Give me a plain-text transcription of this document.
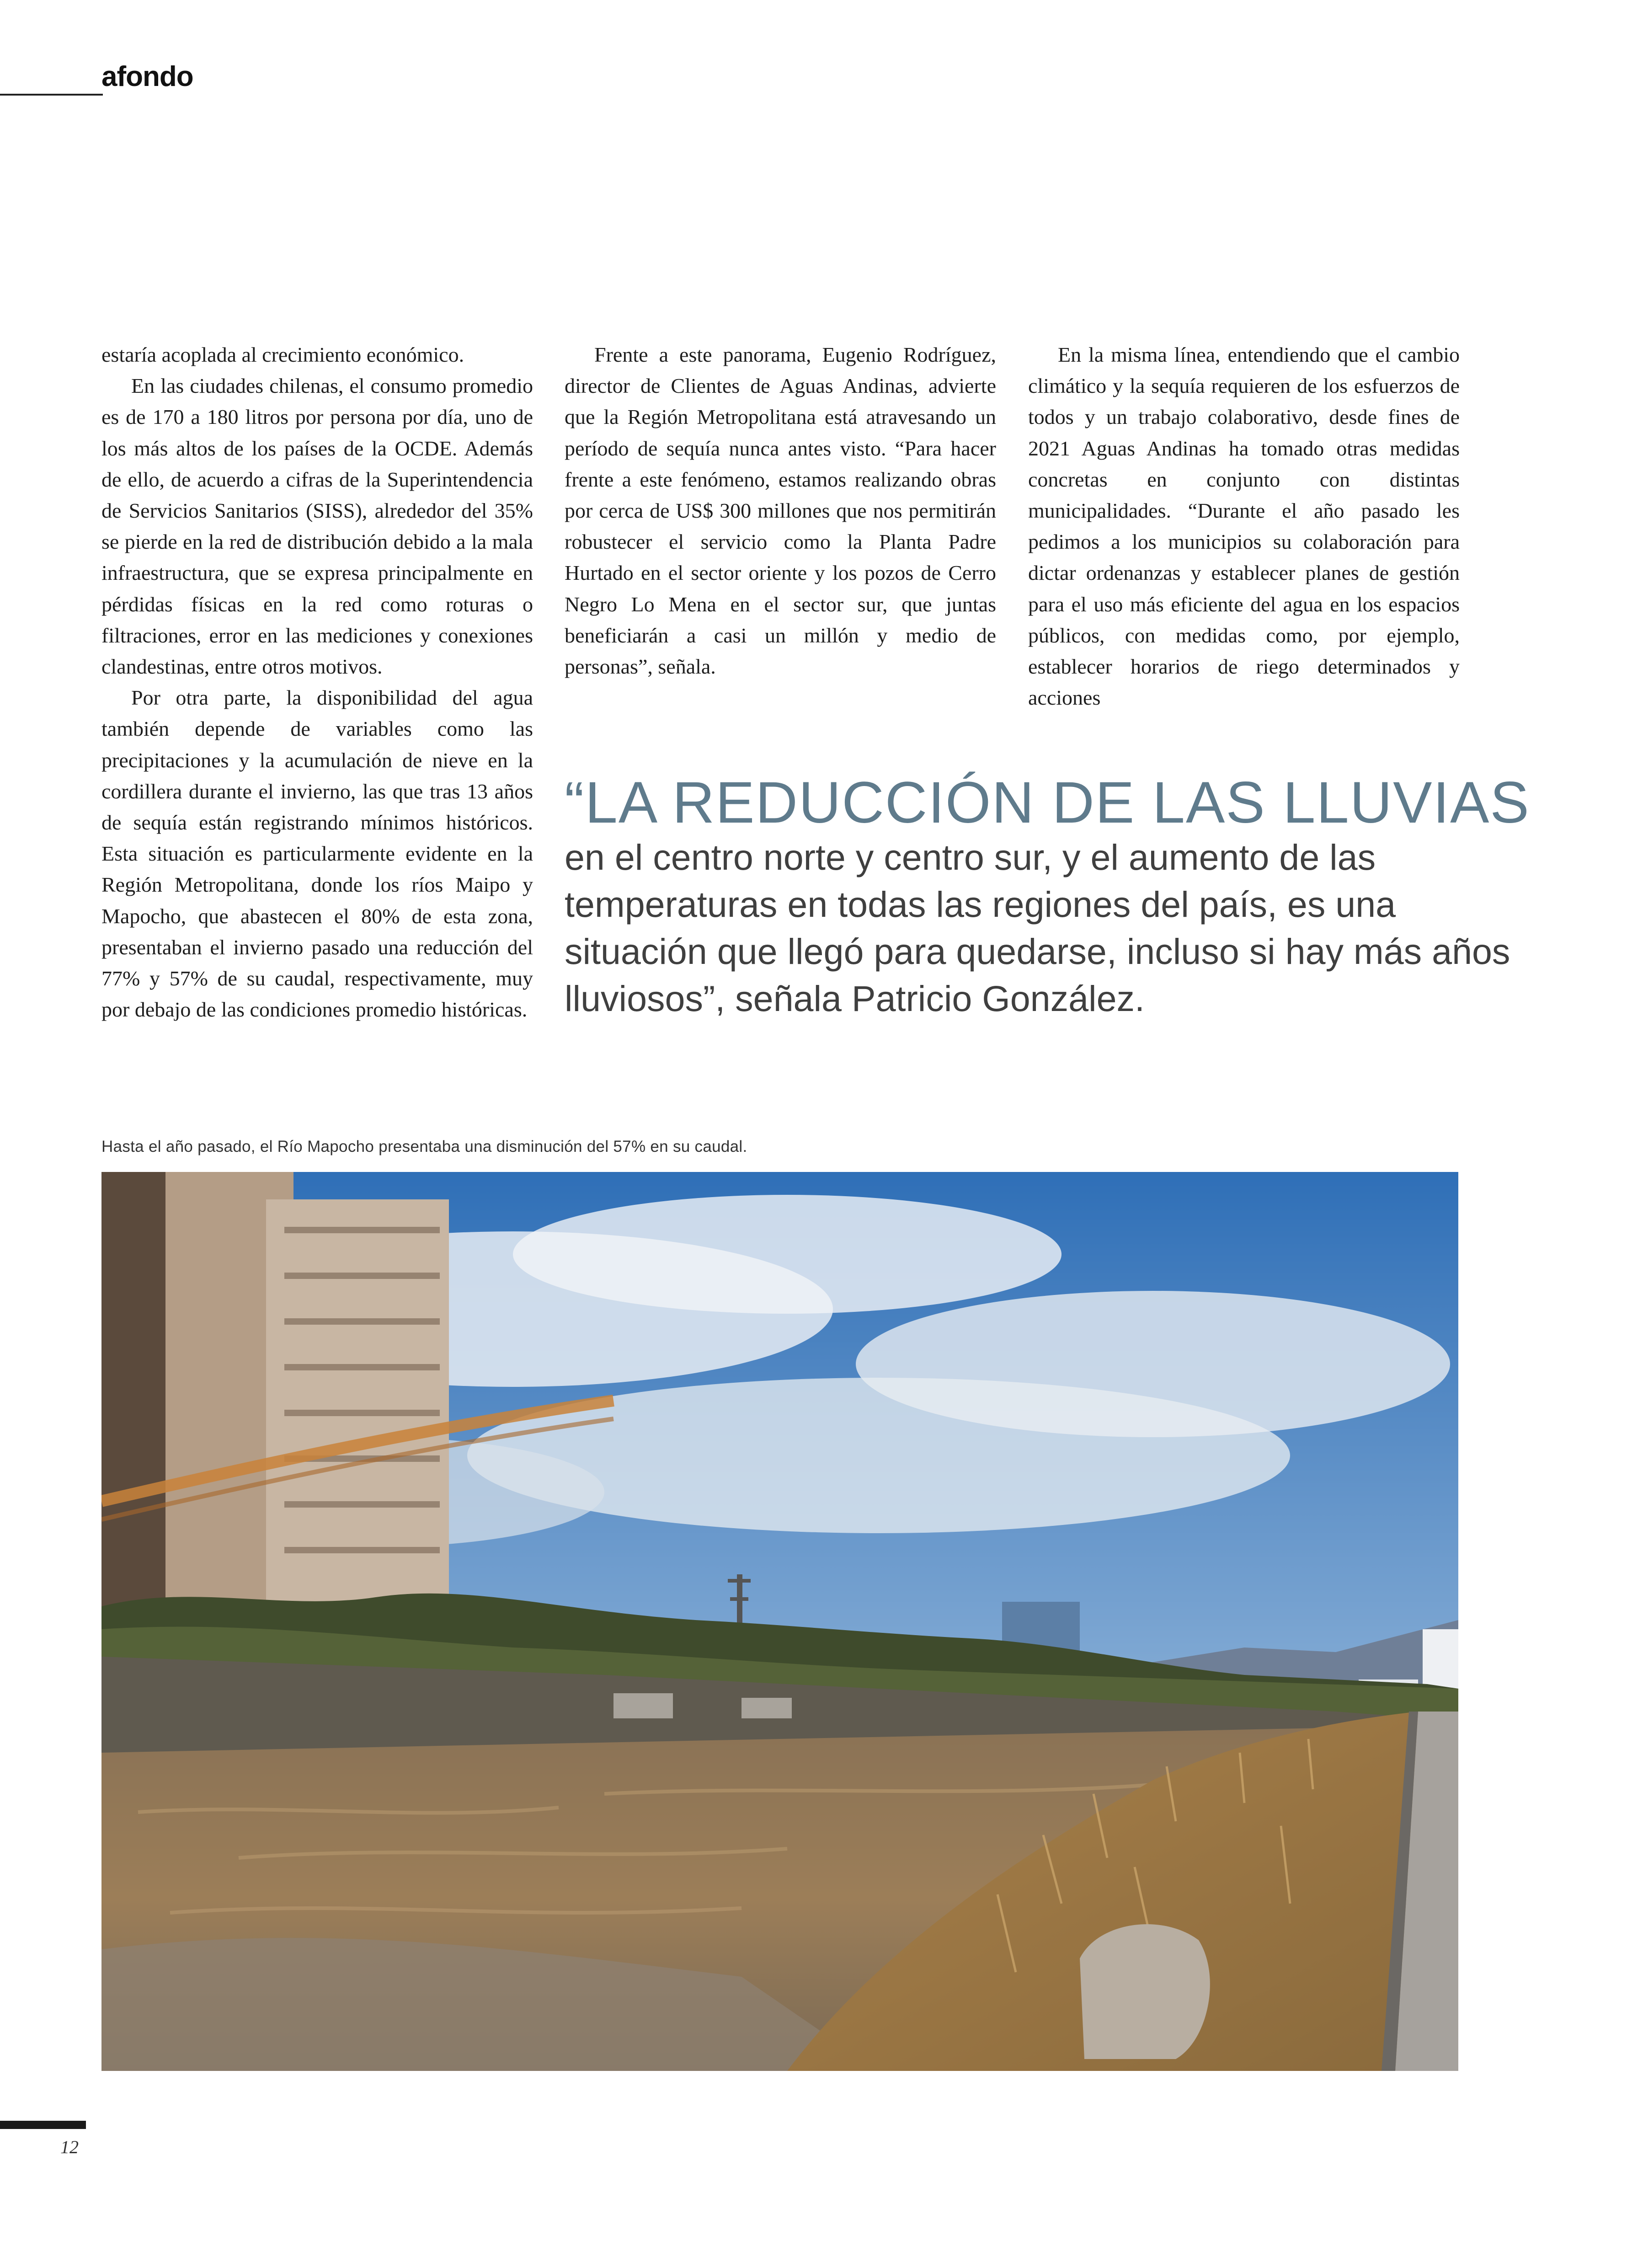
afondo

estaría acoplada al crecimiento económico.

En las ciudades chilenas, el consumo promedio es de 170 a 180 litros por persona por día, uno de los más altos de los países de la OCDE. Además de ello, de acuerdo a cifras de la Superintendencia de Servicios Sanitarios (SISS), alrededor del 35% se pierde en la red de distribución debido a la mala infraestructura, que se expresa principalmente en pérdidas físicas en la red como roturas o filtraciones, error en las mediciones y conexiones clandestinas, entre otros motivos.

Por otra parte, la disponibilidad del agua también depende de variables como las precipitaciones y la acumulación de nieve en la cordillera durante el invierno, las que tras 13 años de sequía están registrando mínimos históricos. Esta situación es particularmente evidente en la Región Metropolitana, donde los ríos Maipo y Mapocho, que abastecen el 80% de esta zona, presentaban el invierno pasado una reducción del 77% y 57% de su caudal, respectivamente, muy por debajo de las condiciones promedio históricas.

Frente a este panorama, Eugenio Rodríguez, director de Clientes de Aguas Andinas, advierte que la Región Metropolitana está atravesando un período de sequía nunca antes visto. “Para hacer frente a este fenómeno, estamos realizando obras por cerca de US$ 300 millones que nos permitirán robustecer el servicio como la Planta Padre Hurtado en el sector oriente y los pozos de Cerro Negro Lo Mena en el sector sur, que juntas beneficiarán a casi un millón y medio de personas”, señala.

En la misma línea, entendiendo que el cambio climático y la sequía requieren de los esfuerzos de todos y un trabajo colaborativo, desde fines de 2021 Aguas Andinas ha tomado otras medidas concretas en conjunto con distintas municipalidades. “Durante el año pasado les pedimos a los municipios su colaboración para dictar ordenanzas y establecer planes de gestión para el uso más eficiente del agua en los espacios públicos, con medidas como, por ejemplo, establecer horarios de riego determinados y acciones

“LA REDUCCIÓN DE LAS LLUVIAS
en el centro norte y centro sur, y el aumento de las temperaturas en todas las regiones del país, es una situación que llegó para quedarse, incluso si hay más años lluviosos”, señala Patricio González.
Hasta el año pasado, el Río Mapocho presentaba una disminución del 57% en su caudal.
12
